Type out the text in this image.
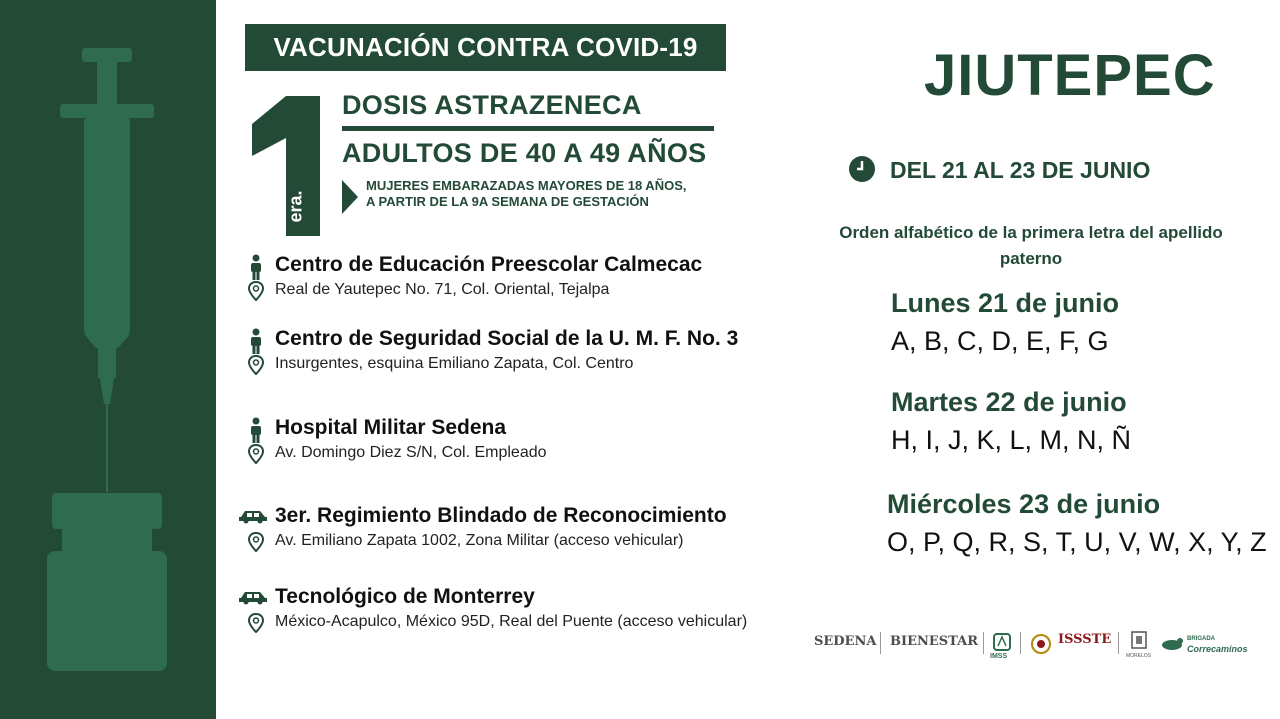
VACUNACIÓN CONTRA COVID-19
era.
DOSIS ASTRAZENECA
ADULTOS DE 40 A 49 AÑOS
MUJERES EMBARAZADAS MAYORES DE 18 AÑOS,
A PARTIR DE LA 9A SEMANA DE GESTACIÓN
Centro de Educación Preescolar Calmecac
Real de Yautepec No. 71, Col. Oriental, Tejalpa
Centro de Seguridad Social de la U. M. F. No. 3
Insurgentes, esquina Emiliano Zapata, Col. Centro
Hospital Militar Sedena
Av. Domingo Diez S/N, Col. Empleado
3er. Regimiento Blindado de Reconocimiento
Av. Emiliano Zapata 1002, Zona Militar (acceso vehicular)
Tecnológico de Monterrey
México-Acapulco, México 95D, Real del Puente (acceso vehicular)
JIUTEPEC
DEL 21 AL 23 DE JUNIO
Orden alfabético de la primera letra del apellido
paterno
Lunes 21 de junio
A, B, C, D, E, F, G
Martes 22 de junio
H, I, J, K, L, M, N, Ñ
Miércoles 23 de junio
O, P, Q, R, S, T, U, V, W, X, Y, Z
SEDENA BIENESTAR
IMSS
ISSSTE
MORELOS
BRIGADA
Correcaminos
